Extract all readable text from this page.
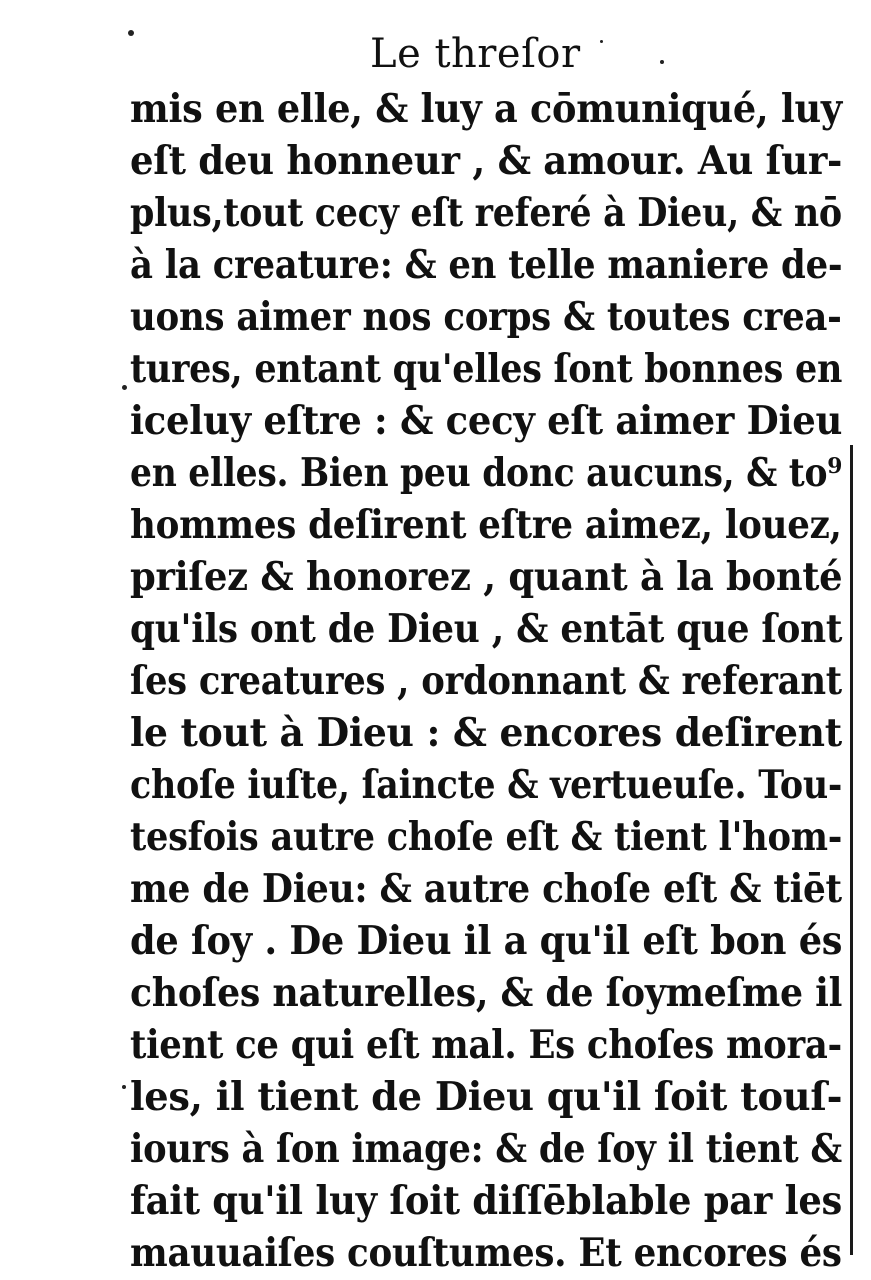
Le threſor
mis en elle, & luy a cōmuniqué, luy
eſt deu honneur , & amour. Au ſur-
plus,tout cecy eſt referé à Dieu, & nō
à la creature: & en telle maniere de-
uons aimer nos corps & toutes crea-
tures, entant qu'elles ſont bonnes en
iceluy eſtre : & cecy eſt aimer Dieu
en elles. Bien peu donc aucuns, & to⁹
hommes deſirent eſtre aimez, louez,
priſez & honorez , quant à la bonté
qu'ils ont de Dieu , & entāt que ſont
ſes creatures , ordonnant & referant
le tout à Dieu : & encores deſirent
choſe iuſte, ſaincte & vertueuſe. Tou-
tesfois autre choſe eſt & tient l'hom-
me de Dieu: & autre choſe eſt & tiēt
de ſoy . De Dieu il a qu'il eſt bon és
choſes naturelles, & de ſoymeſme il
tient ce qui eſt mal. Es choſes mora-
les, il tient de Dieu qu'il ſoit touſ-
iours à ſon image: & de ſoy il tient &
fait qu'il luy ſoit diſſēblable par les
mauuaiſes couſtumes. Et encores és
